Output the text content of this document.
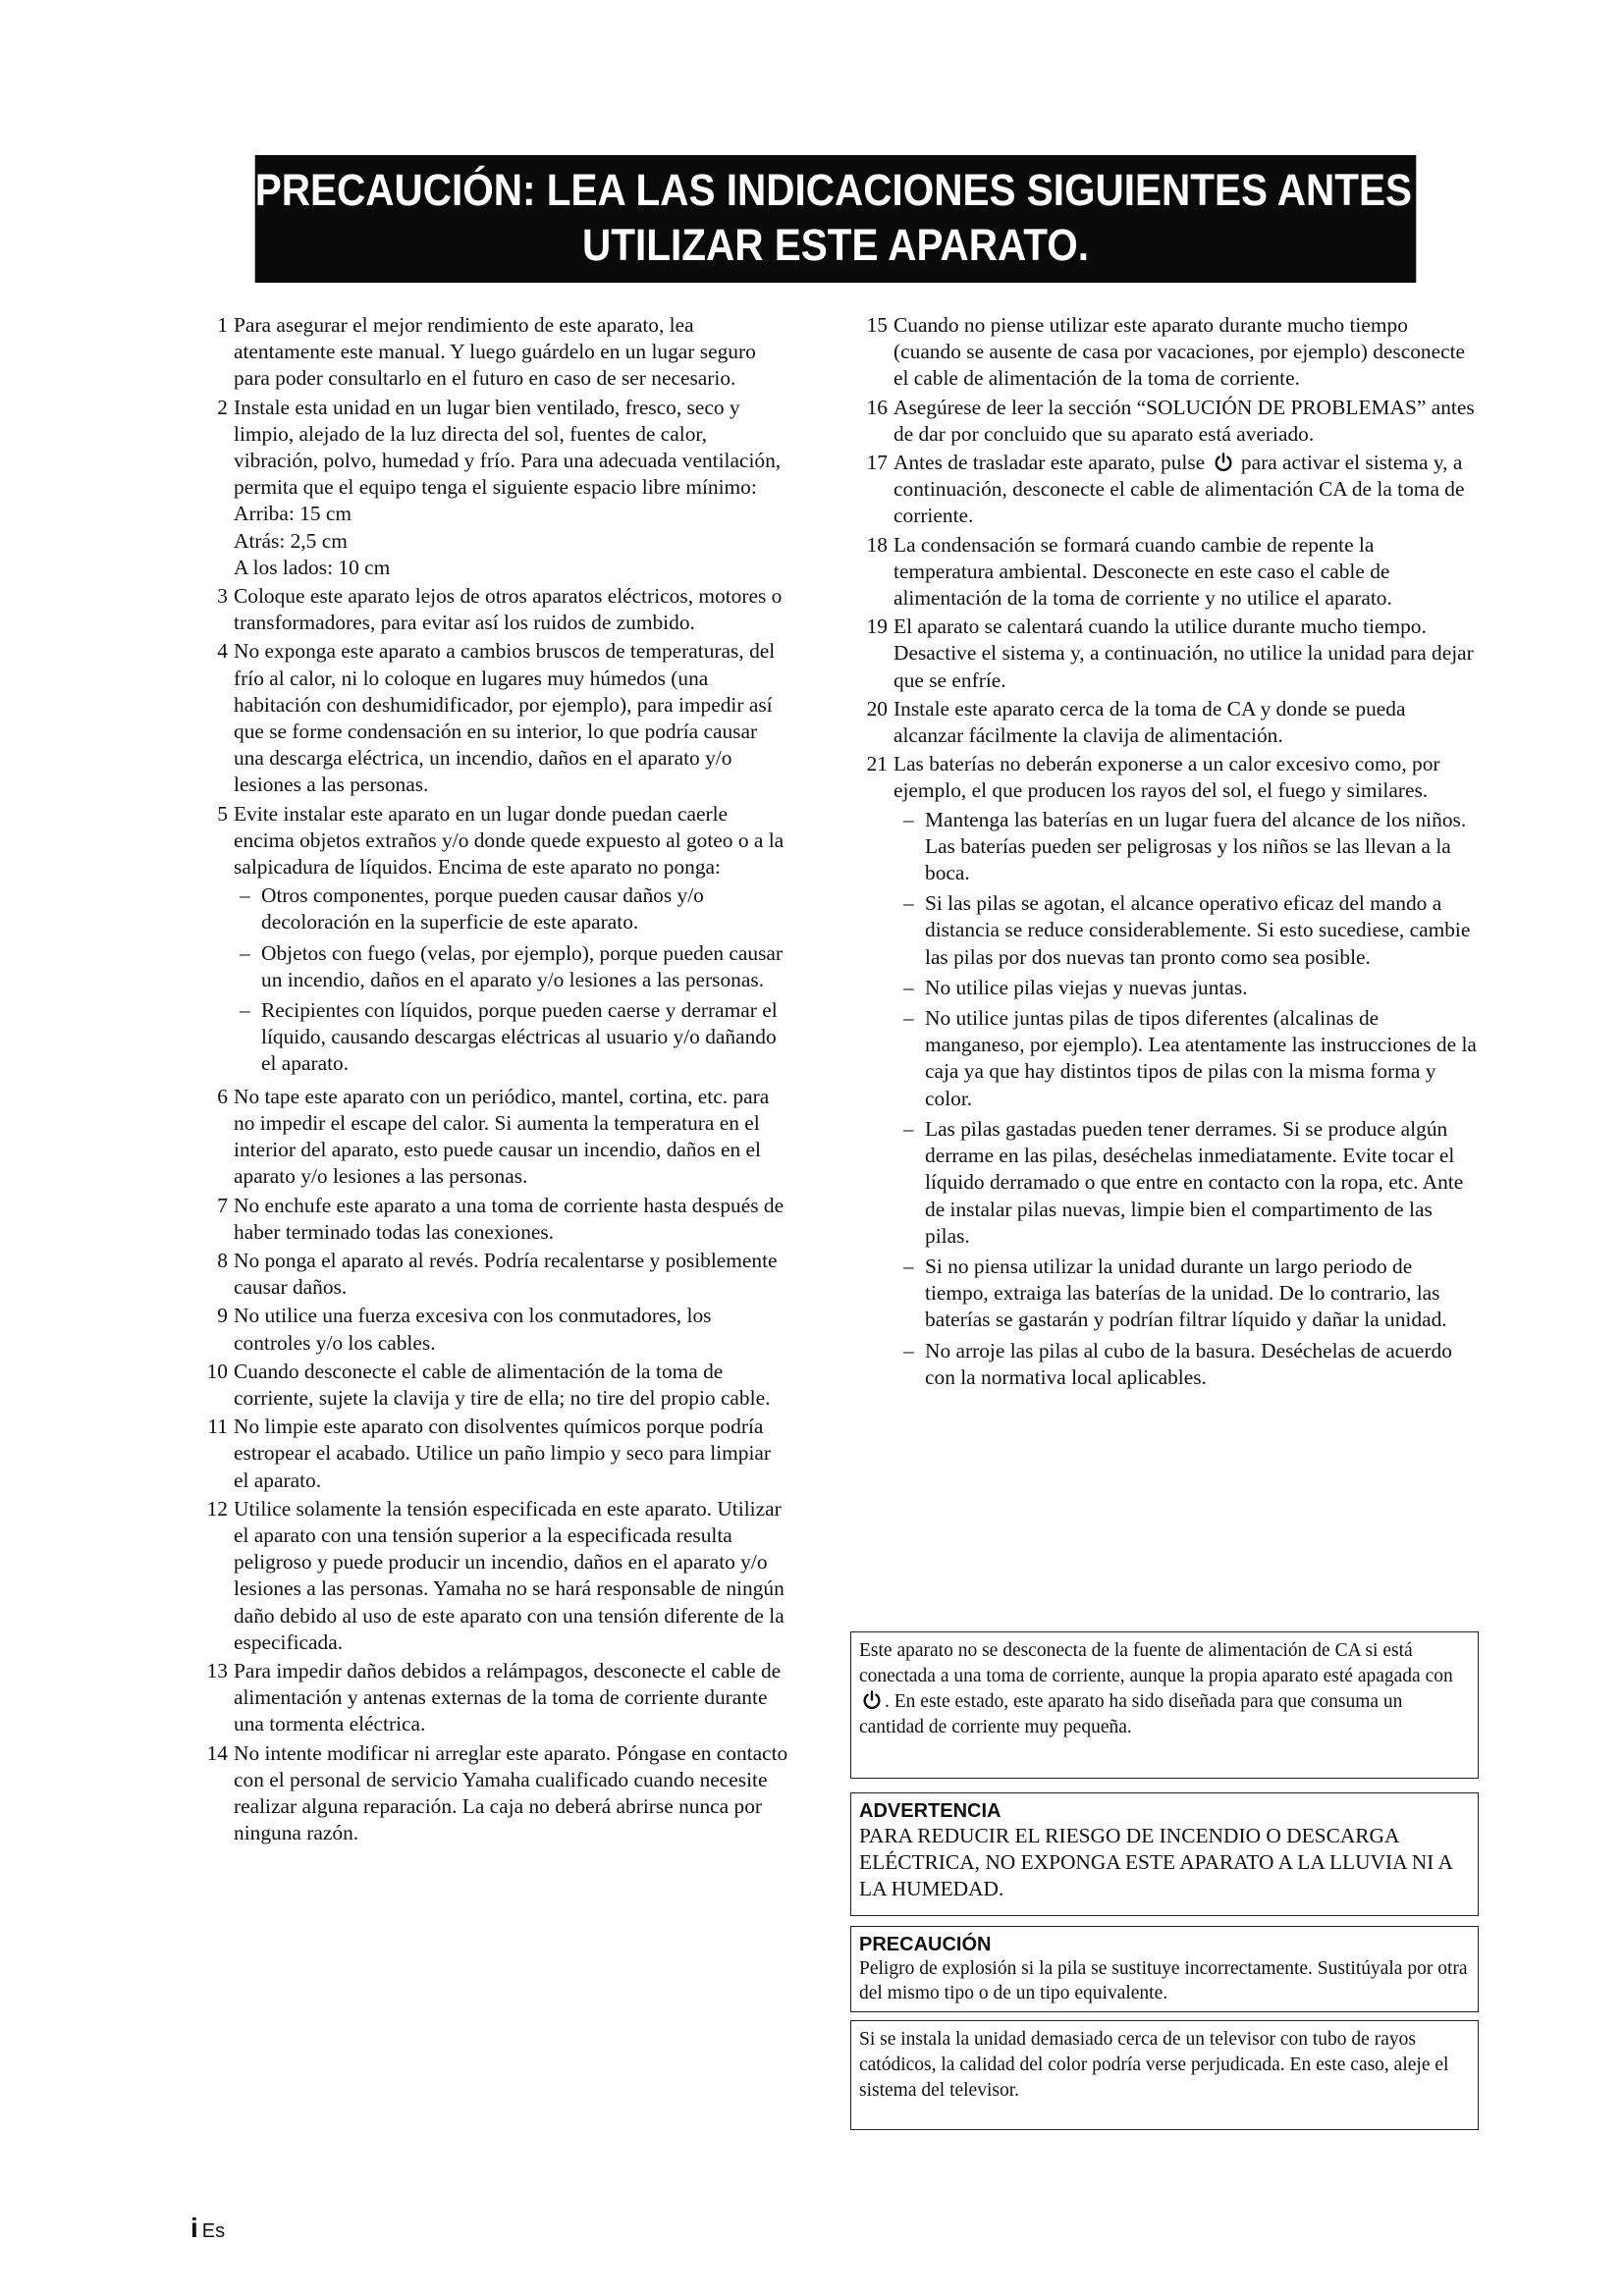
PRECAUCIÓN: LEA LAS INDICACIONES SIGUIENTES ANTES DE
UTILIZAR ESTE APARATO.
1 Para asegurar el mejor rendimiento de este aparato, lea atentamente este manual. Y luego guárdelo en un lugar seguro para poder consultarlo en el futuro en caso de ser necesario.

2 Instale esta unidad en un lugar bien ventilado, fresco, seco y limpio, alejado de la luz directa del sol, fuentes de calor, vibración, polvo, humedad y frío. Para una adecuada ventilación, permita que el equipo tenga el siguiente espacio libre mínimo:

Arriba: 15 cm
Atrás: 2,5 cm
A los lados: 10 cm
3 Coloque este aparato lejos de otros aparatos eléctricos, motores o transformadores, para evitar así los ruidos de zumbido.

4 No exponga este aparato a cambios bruscos de temperaturas, del frío al calor, ni lo coloque en lugares muy húmedos (una habitación con deshumidificador, por ejemplo), para impedir así que se forme condensación en su interior, lo que podría causar una descarga eléctrica, un incendio, daños en el aparato y/o lesiones a las personas.

5 Evite instalar este aparato en un lugar donde puedan caerle encima objetos extraños y/o donde quede expuesto al goteo o a la salpicadura de líquidos. Encima de este aparato no ponga:

– Otros componentes, porque pueden causar daños y/o decoloración en la superficie de este aparato.
– Objetos con fuego (velas, por ejemplo), porque pueden causar un incendio, daños en el aparato y/o lesiones a las personas.
– Recipientes con líquidos, porque pueden caerse y derramar el líquido, causando descargas eléctricas al usuario y/o dañando el aparato.
6 No tape este aparato con un periódico, mantel, cortina, etc. para no impedir el escape del calor. Si aumenta la temperatura en el interior del aparato, esto puede causar un incendio, daños en el aparato y/o lesiones a las personas.

7 No enchufe este aparato a una toma de corriente hasta después de haber terminado todas las conexiones.

8 No ponga el aparato al revés. Podría recalentarse y posiblemente causar daños.

9 No utilice una fuerza excesiva con los conmutadores, los controles y/o los cables.

10 Cuando desconecte el cable de alimentación de la toma de corriente, sujete la clavija y tire de ella; no tire del propio cable.

11 No limpie este aparato con disolventes químicos porque podría estropear el acabado. Utilice un paño limpio y seco para limpiar el aparato.

12 Utilice solamente la tensión especificada en este aparato. Utilizar el aparato con una tensión superior a la especificada resulta peligroso y puede producir un incendio, daños en el aparato y/o lesiones a las personas. Yamaha no se hará responsable de ningún daño debido al uso de este aparato con una tensión diferente de la especificada.

13 Para impedir daños debidos a relámpagos, desconecte el cable de alimentación y antenas externas de la toma de corriente durante una tormenta eléctrica.

14 No intente modificar ni arreglar este aparato. Póngase en contacto con el personal de servicio Yamaha cualificado cuando necesite realizar alguna reparación. La caja no deberá abrirse nunca por ninguna razón.

15 Cuando no piense utilizar este aparato durante mucho tiempo (cuando se ausente de casa por vacaciones, por ejemplo) desconecte el cable de alimentación de la toma de corriente.

16 Asegúrese de leer la sección “SOLUCIÓN DE PROBLEMAS” antes de dar por concluido que su aparato está averiado.

17 Antes de trasladar este aparato, pulse para activar el sistema y, a continuación, desconecte el cable de alimentación CA de la toma de corriente.

18 La condensación se formará cuando cambie de repente la temperatura ambiental. Desconecte en este caso el cable de alimentación de la toma de corriente y no utilice el aparato.

19 El aparato se calentará cuando la utilice durante mucho tiempo. Desactive el sistema y, a continuación, no utilice la unidad para dejar que se enfríe.

20 Instale este aparato cerca de la toma de CA y donde se pueda alcanzar fácilmente la clavija de alimentación.

21 Las baterías no deberán exponerse a un calor excesivo como, por ejemplo, el que producen los rayos del sol, el fuego y similares.

– Mantenga las baterías en un lugar fuera del alcance de los niños. Las baterías pueden ser peligrosas y los niños se las llevan a la boca.
– Si las pilas se agotan, el alcance operativo eficaz del mando a distancia se reduce considerablemente. Si esto sucediese, cambie las pilas por dos nuevas tan pronto como sea posible.
– No utilice pilas viejas y nuevas juntas.
– No utilice juntas pilas de tipos diferentes (alcalinas de manganeso, por ejemplo). Lea atentamente las instrucciones de la caja ya que hay distintos tipos de pilas con la misma forma y color.
– Las pilas gastadas pueden tener derrames. Si se produce algún derrame en las pilas, deséchelas inmediatamente. Evite tocar el líquido derramado o que entre en contacto con la ropa, etc. Ante de instalar pilas nuevas, limpie bien el compartimento de las pilas.
– Si no piensa utilizar la unidad durante un largo periodo de tiempo, extraiga las baterías de la unidad. De lo contrario, las baterías se gastarán y podrían filtrar líquido y dañar la unidad.
– No arroje las pilas al cubo de la basura. Deséchelas de acuerdo con la normativa local aplicables.
Este aparato no se desconecta de la fuente de alimentación de CA si está conectada a una toma de corriente, aunque la propia aparato esté apagada con . En este estado, este aparato ha sido diseñada para que consuma un cantidad de corriente muy pequeña.
ADVERTENCIA
PARA REDUCIR EL RIESGO DE INCENDIO O DESCARGA ELÉCTRICA, NO EXPONGA ESTE APARATO A LA LLUVIA NI A LA HUMEDAD.
PRECAUCIÓN
Peligro de explosión si la pila se sustituye incorrectamente. Sustitúyala por otra del mismo tipo o de un tipo equivalente.
Si se instala la unidad demasiado cerca de un televisor con tubo de rayos catódicos, la calidad del color podría verse perjudicada. En este caso, aleje el sistema del televisor.
i Es
